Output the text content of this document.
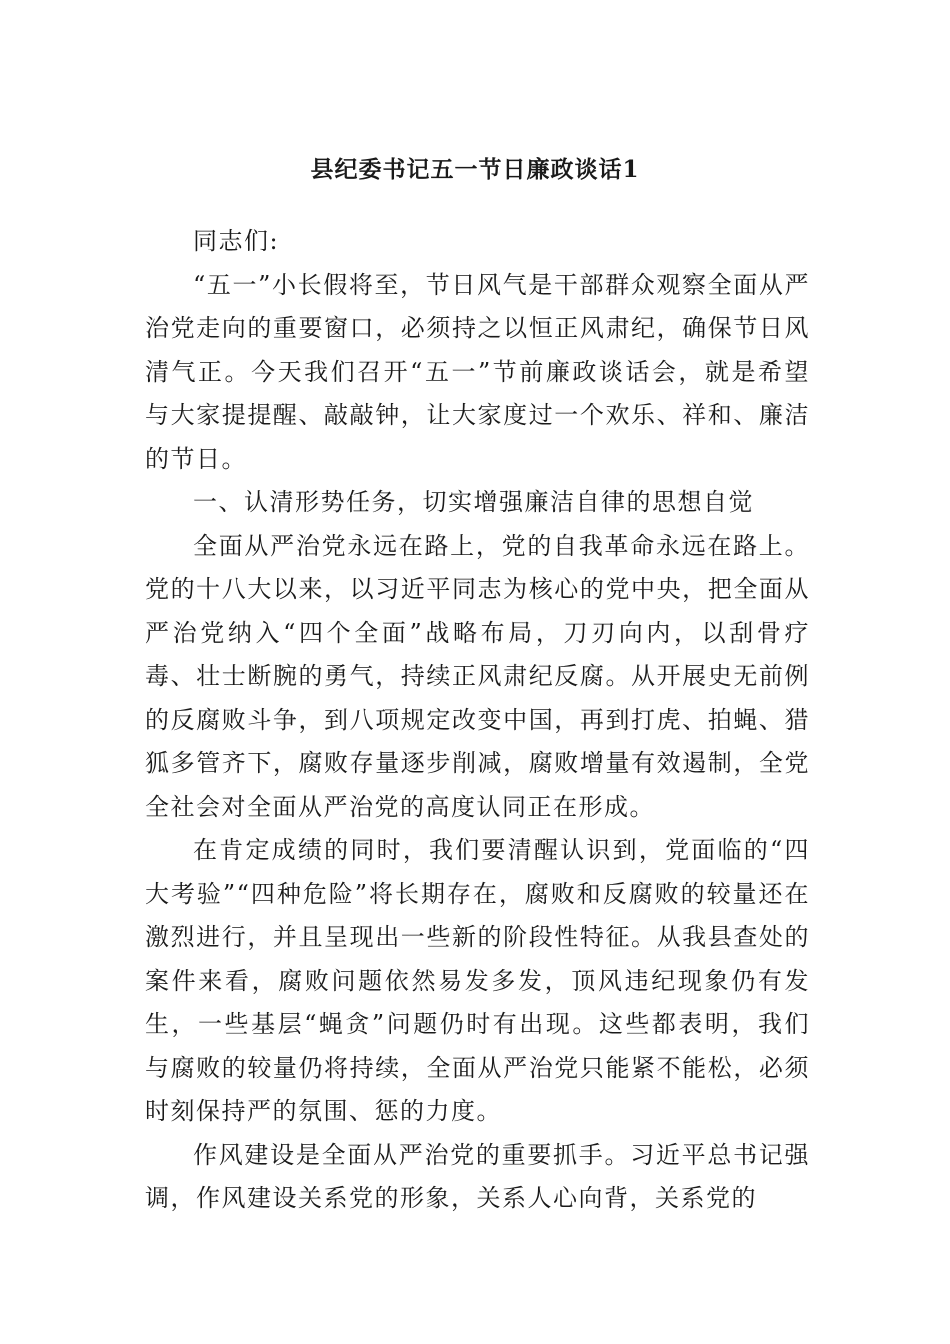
县纪委书记五一节日廉政谈话1

同志们:

“五一”小长假将至，节日风气是干部群众观察全面从严治党走向的重要窗口，必须持之以恒正风肃纪，确保节日风清气正。今天我们召开“五一”节前廉政谈话会，就是希望与大家提提醒、敲敲钟，让大家度过一个欢乐、祥和、廉洁的节日。

一、认清形势任务，切实增强廉洁自律的思想自觉

全面从严治党永远在路上，党的自我革命永远在路上。党的十八大以来，以习近平同志为核心的党中央，把全面从严治党纳入“四个全面”战略布局，刀刃向内，以刮骨疗毒、壮士断腕的勇气，持续正风肃纪反腐。从开展史无前例的反腐败斗争，到八项规定改变中国，再到打虎、拍蝇、猎狐多管齐下，腐败存量逐步削减，腐败增量有效遏制，全党全社会对全面从严治党的高度认同正在形成。

在肯定成绩的同时，我们要清醒认识到，党面临的“四大考验”“四种危险”将长期存在，腐败和反腐败的较量还在激烈进行，并且呈现出一些新的阶段性特征。从我县查处的案件来看，腐败问题依然易发多发，顶风违纪现象仍有发生，一些基层“蝇贪”问题仍时有出现。这些都表明，我们与腐败的较量仍将持续，全面从严治党只能紧不能松，必须时刻保持严的氛围、惩的力度。

作风建设是全面从严治党的重要抓手。习近平总书记强调，作风建设关系党的形象，关系人心向背，关系党的
